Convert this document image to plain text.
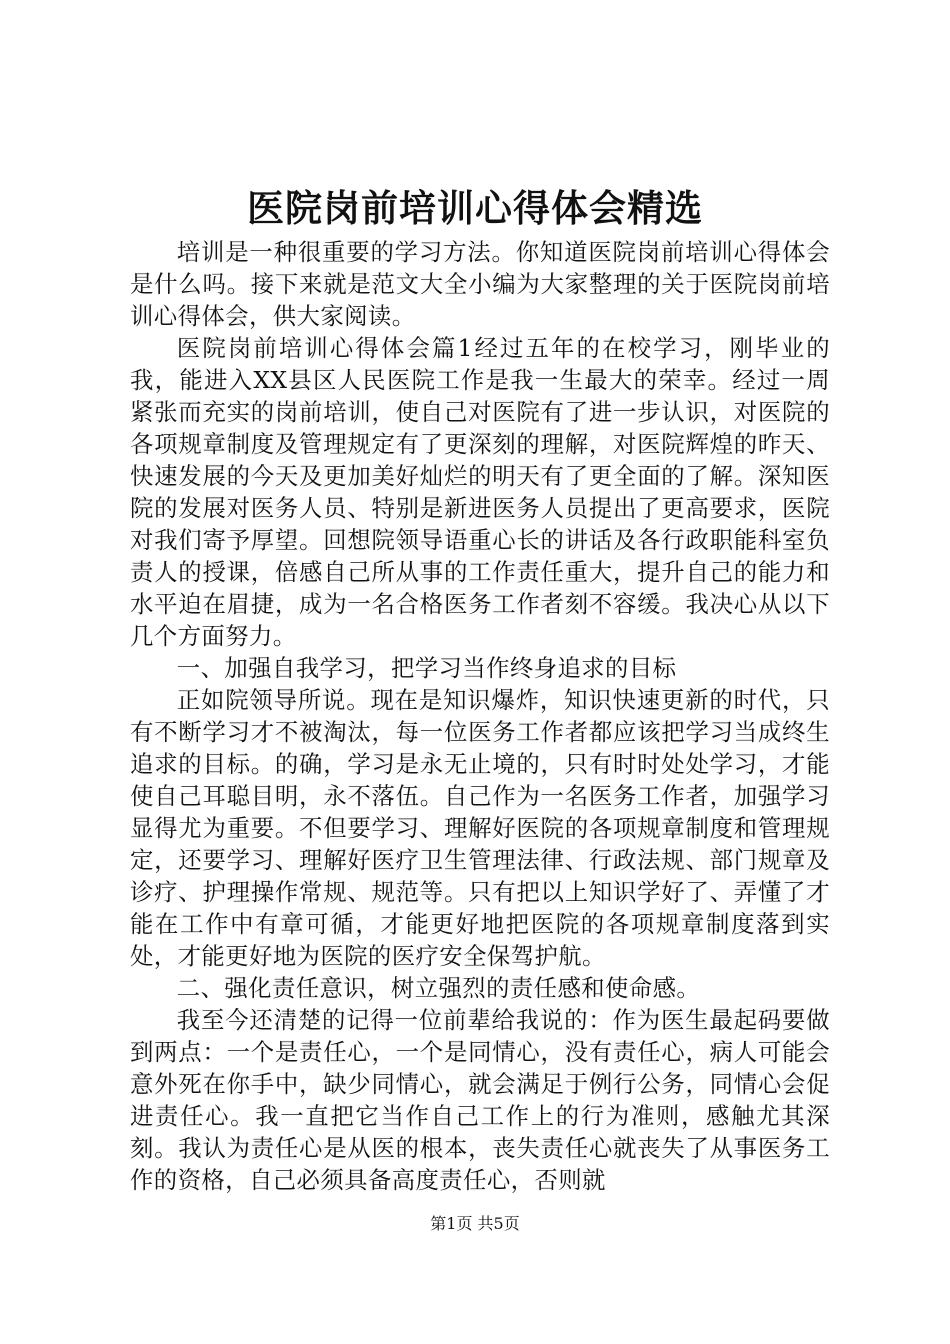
医院岗前培训心得体会精选

培训是一种很重要的学习方法。你知道医院岗前培训心得体会是什么吗。接下来就是范文大全小编为大家整理的关于医院岗前培训心得体会，供大家阅读。

医院岗前培训心得体会篇1经过五年的在校学习，刚毕业的我，能进入XX县区人民医院工作是我一生最大的荣幸。经过一周紧张而充实的岗前培训，使自己对医院有了进一步认识，对医院的各项规章制度及管理规定有了更深刻的理解，对医院辉煌的昨天、快速发展的今天及更加美好灿烂的明天有了更全面的了解。深知医院的发展对医务人员、特别是新进医务人员提出了更高要求，医院对我们寄予厚望。回想院领导语重心长的讲话及各行政职能科室负责人的授课，倍感自己所从事的工作责任重大，提升自己的能力和水平迫在眉捷，成为一名合格医务工作者刻不容缓。我决心从以下几个方面努力。

一、加强自我学习，把学习当作终身追求的目标

正如院领导所说。现在是知识爆炸，知识快速更新的时代，只有不断学习才不被淘汰，每一位医务工作者都应该把学习当成终生追求的目标。的确，学习是永无止境的，只有时时处处学习，才能使自己耳聪目明，永不落伍。自己作为一名医务工作者，加强学习显得尤为重要。不但要学习、理解好医院的各项规章制度和管理规定，还要学习、理解好医疗卫生管理法律、行政法规、部门规章及诊疗、护理操作常规、规范等。只有把以上知识学好了、弄懂了才能在工作中有章可循，才能更好地把医院的各项规章制度落到实处，才能更好地为医院的医疗安全保驾护航。

二、强化责任意识，树立强烈的责任感和使命感。

我至今还清楚的记得一位前辈给我说的：作为医生最起码要做到两点：一个是责任心，一个是同情心，没有责任心，病人可能会意外死在你手中，缺少同情心，就会满足于例行公务，同情心会促进责任心。我一直把它当作自己工作上的行为准则，感触尤其深刻。我认为责任心是从医的根本，丧失责任心就丧失了从事医务工作的资格，自己必须具备高度责任心，否则就

第1页 共5页
